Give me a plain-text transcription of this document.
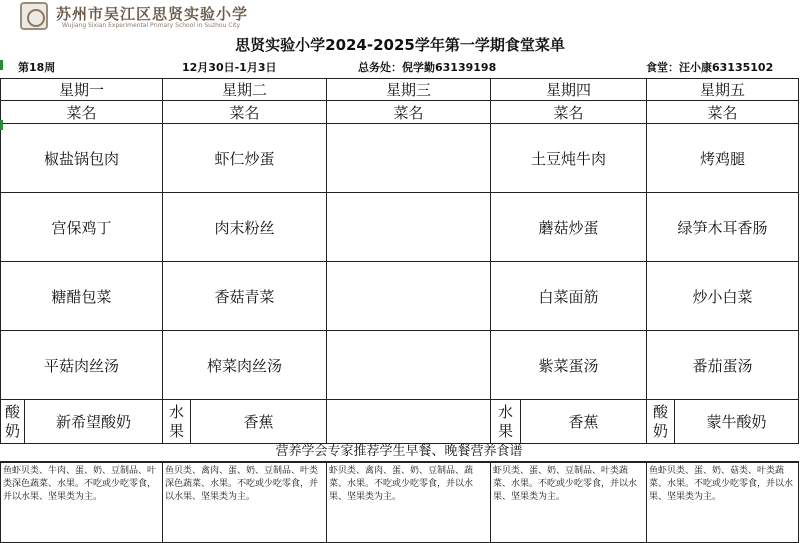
苏州市吴江区思贤实验小学
Wujiang Sixian Experimental Primary School in Suzhou City
思贤实验小学2024-2025学年第一学期食堂菜单
第18周	12月30日-1月3日	总务处：倪学勤63139198	食堂：汪小康63135102
星期一		星期二		星期三	星期四		星期五	
菜名		菜名		菜名	菜名		菜名	
椒盐锅包肉		虾仁炒蛋			土豆炖牛肉		烤鸡腿	
宫保鸡丁		肉末粉丝			蘑菇炒蛋		绿笋木耳香肠	
糖醋包菜		香菇青菜			白菜面筋		炒小白菜	
平菇肉丝汤		榨菜肉丝汤			紫菜蛋汤		番茄蛋汤	
酸奶	新希望酸奶	水果	香蕉		水果	香蕉	酸奶	蒙牛酸奶
营养学会专家推荐学生早餐、晚餐营养食谱
鱼虾贝类、牛肉、蛋、奶、豆制品、叶类深色蔬菜、水果。不吃或少吃零食，并以水果、坚果类为主。	鱼贝类、禽肉、蛋、奶、豆制品、叶类深色蔬菜、水果。不吃或少吃零食，并以水果、坚果类为主。	虾贝类、禽肉、蛋、奶、豆制品、蔬菜、水果。不吃或少吃零食，并以水果、坚果类为主。	虾贝类、蛋、奶、豆制品、叶类蔬菜、水果。不吃或少吃零食，并以水果、坚果类为主。	鱼虾贝类、蛋、奶、菇类、叶类蔬菜、水果。不吃或少吃零食，并以水果、坚果类为主。
